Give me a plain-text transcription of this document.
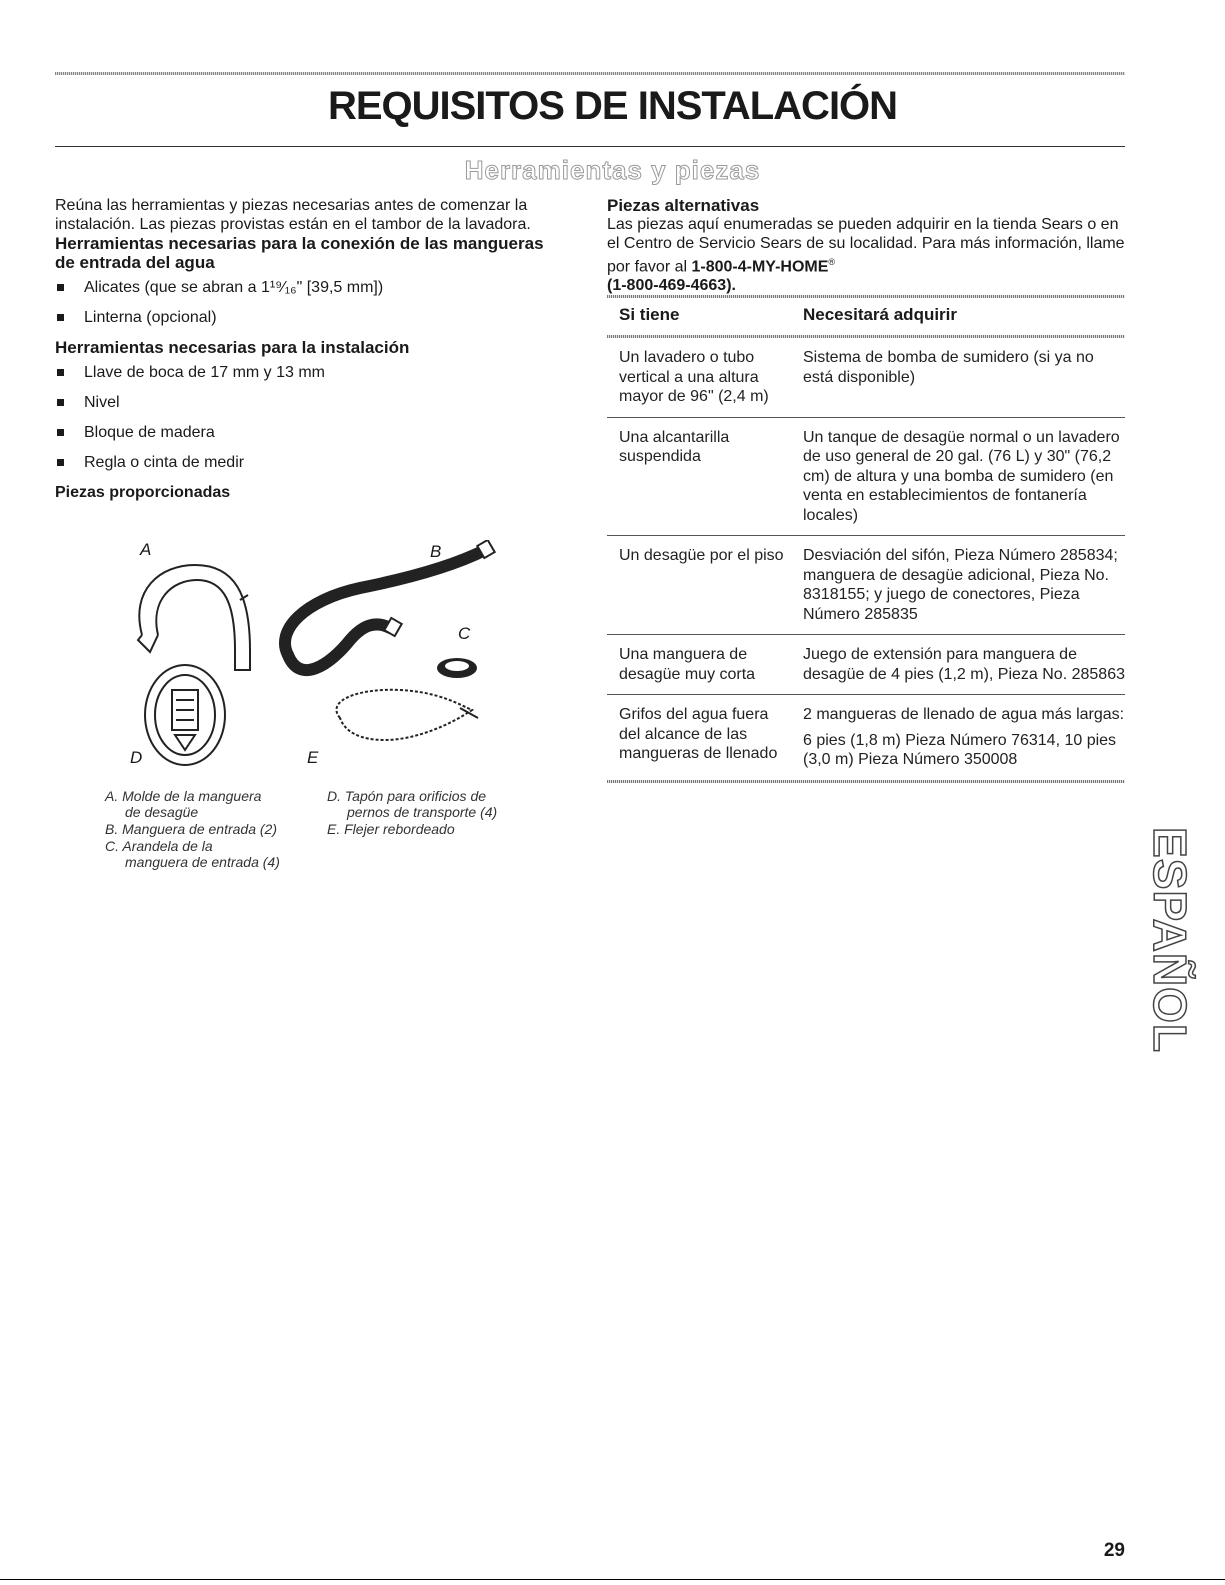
REQUISITOS DE INSTALACIÓN
Herramientas y piezas

Reúna las herramientas y piezas necesarias antes de comenzar la instalación. Las piezas provistas están en el tambor de la lavadora.

Herramientas necesarias para la conexión de las mangueras de entrada del agua

Alicates (que se abran a 1¹⁹⁄₁₆" [39,5 mm])
Linterna (opcional)

Herramientas necesarias para la instalación

Llave de boca de 17 mm y 13 mm
Nivel
Bloque de madera
Regla o cinta de medir

Piezas proporcionadas

A	B
C
D	E
A. Molde de la manguera
de desagüe
B. Manguera de entrada (2)
C. Arandela de la
manguera de entrada (4)
D. Tapón para orificios de
pernos de transporte (4)
E. Flejer rebordeado

Piezas alternativas

Las piezas aquí enumeradas se pueden adquirir en la tienda Sears o en el Centro de Servicio Sears de su localidad. Para más información, llame por favor al 1-800-4-MY-HOME®
(1-800-469-4663).

Si tiene	Necesitará adquirir

Un lavadero o tubo vertical a una altura mayor de 96" (2,4 m)	Sistema de bomba de sumidero (si ya no está disponible)
Una alcantarilla suspendida	Un tanque de desagüe normal o un lavadero de uso general de 20 gal. (76 L) y 30" (76,2 cm) de altura y una bomba de sumidero (en venta en establecimientos de fontanería locales)
Un desagüe por el piso	Desviación del sifón, Pieza Número 285834; manguera de desagüe adicional, Pieza No. 8318155; y juego de conectores, Pieza Número 285835
Una manguera de desagüe muy corta	Juego de extensión para manguera de desagüe de 4 pies (1,2 m), Pieza No. 285863
Grifos del agua fuera del alcance de las mangueras de llenado	2 mangueras de llenado de agua más largas:
6 pies (1,8 m) Pieza Número 76314, 10 pies (3,0 m) Pieza Número 350008
ESPAÑOL
29
